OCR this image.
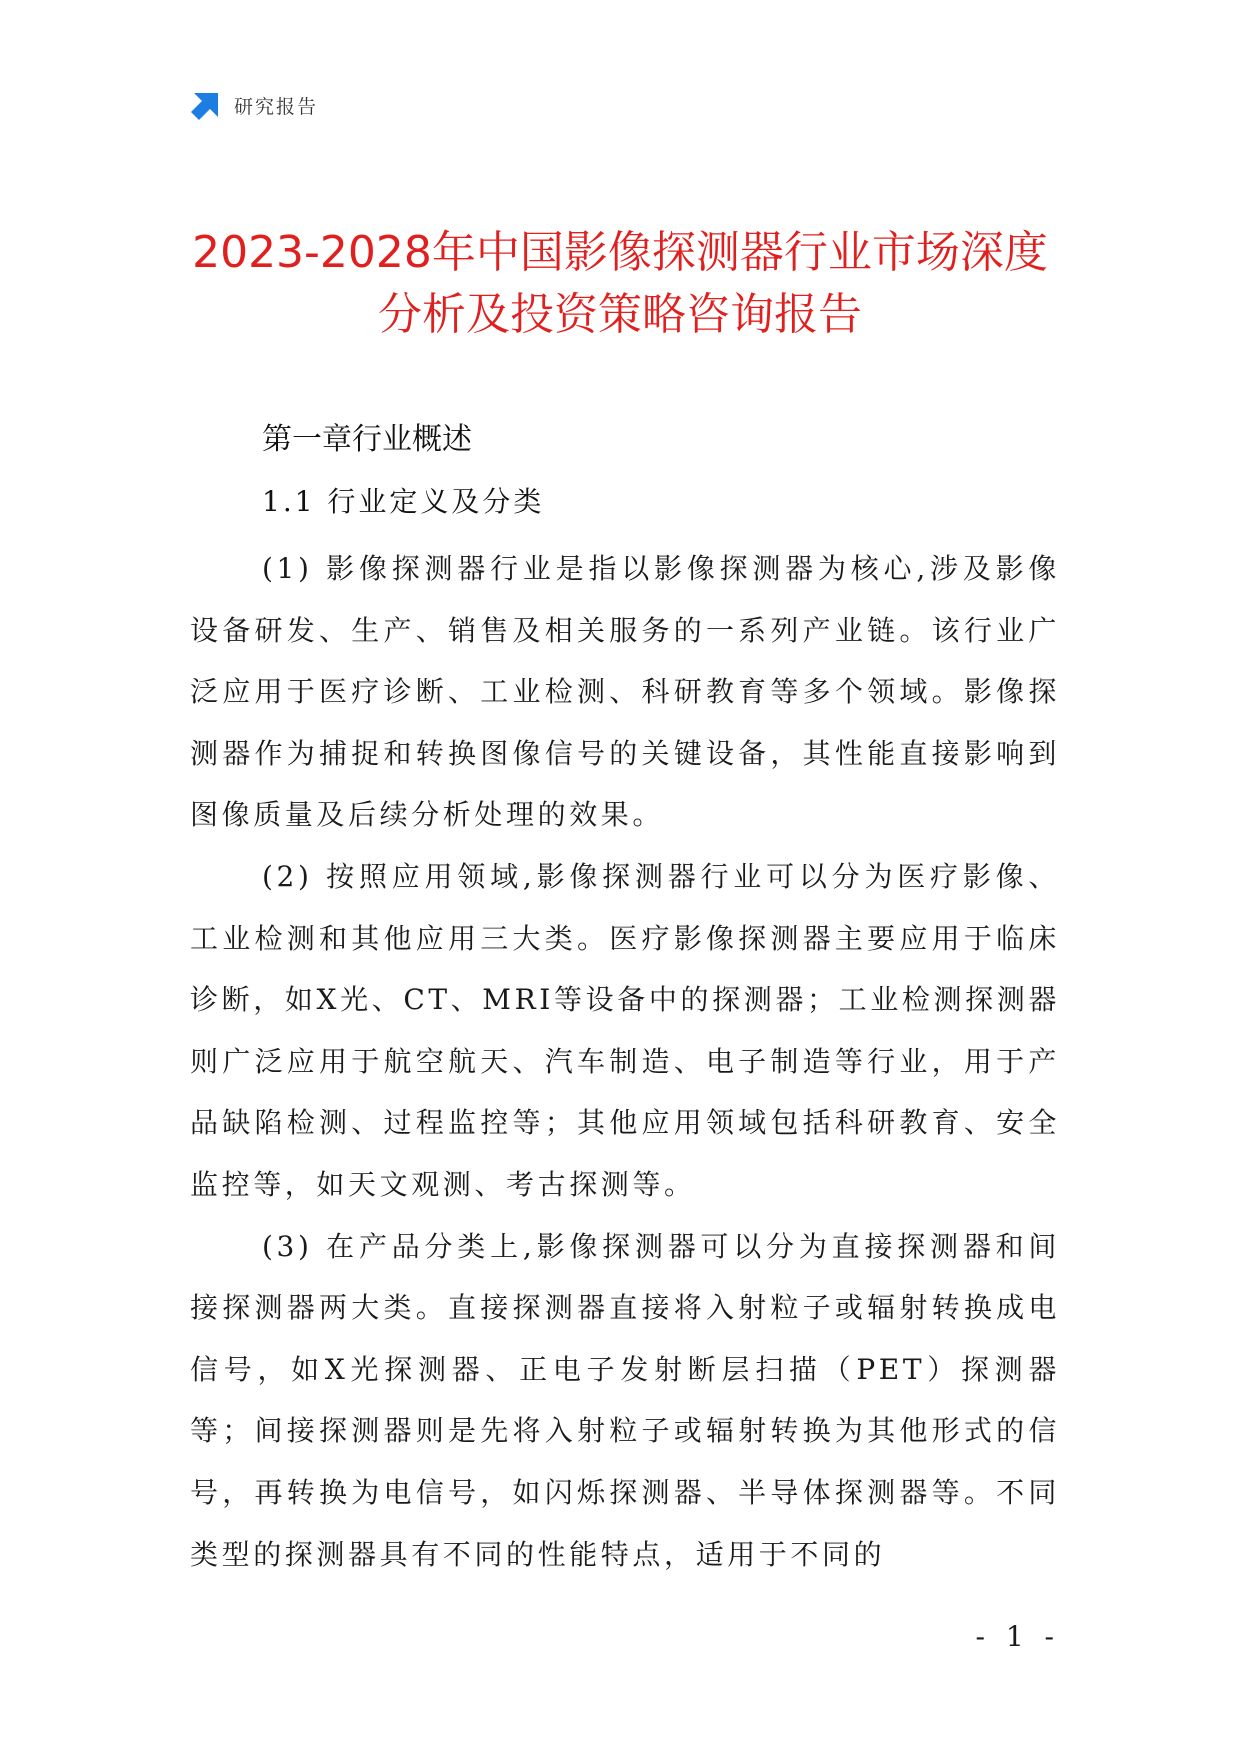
研究报告
2023-2028年中国影像探测器行业市场深度
分析及投资策略咨询报告
第一章行业概述
1.1 行业定义及分类

(1) 影像探测器行业是指以影像探测器为核心,涉及影像设备研发、生产、销售及相关服务的一系列产业链。该行业广泛应用于医疗诊断、工业检测、科研教育等多个领域。影像探测器作为捕捉和转换图像信号的关键设备，其性能直接影响到图像质量及后续分析处理的效果。

(2) 按照应用领域,影像探测器行业可以分为医疗影像、工业检测和其他应用三大类。医疗影像探测器主要应用于临床诊断，如X光、CT、MRI等设备中的探测器；工业检测探测器则广泛应用于航空航天、汽车制造、电子制造等行业，用于产品缺陷检测、过程监控等；其他应用领域包括科研教育、安全监控等，如天文观测、考古探测等。

(3) 在产品分类上,影像探测器可以分为直接探测器和间接探测器两大类。直接探测器直接将入射粒子或辐射转换成电信号，如X光探测器、正电子发射断层扫描（PET）探测器等；间接探测器则是先将入射粒子或辐射转换为其他形式的信号，再转换为电信号，如闪烁探测器、半导体探测器等。不同类型的探测器具有不同的性能特点，适用于不同的

- 1 -
